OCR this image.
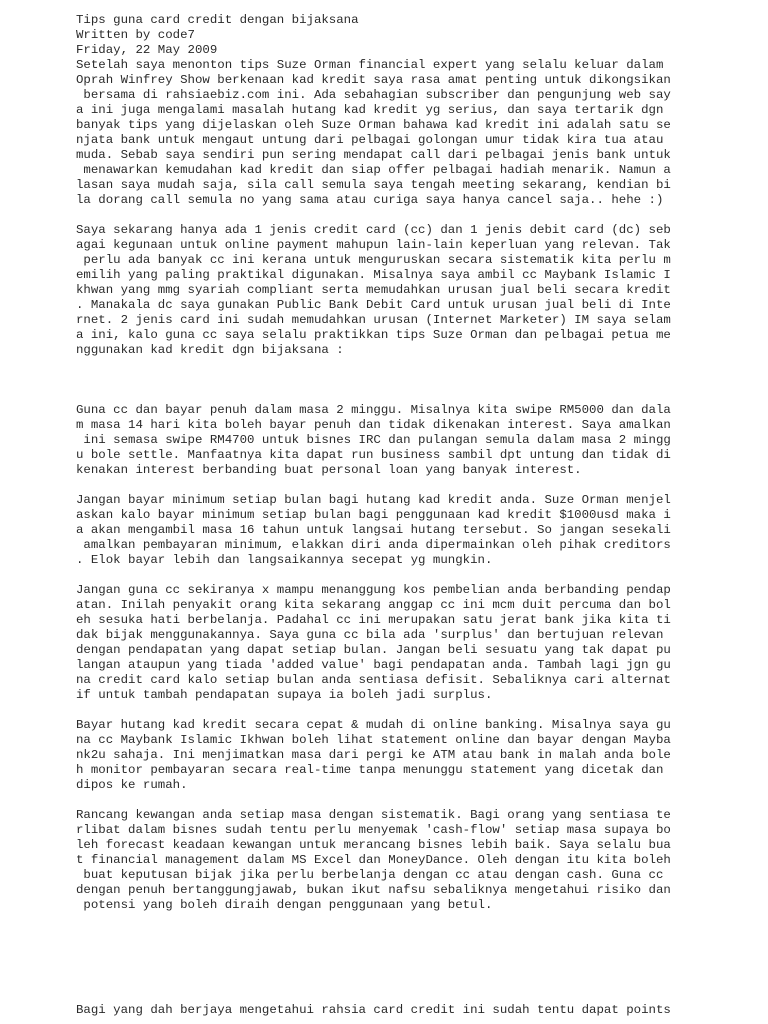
Tips guna card credit dengan bijaksana
Written by code7
Friday, 22 May 2009
Setelah saya menonton tips Suze Orman financial expert yang selalu keluar dalam
Oprah Winfrey Show berkenaan kad kredit saya rasa amat penting untuk dikongsikan
bersama di rahsiaebiz.com ini. Ada sebahagian subscriber dan pengunjung web say
a ini juga mengalami masalah hutang kad kredit yg serius, dan saya tertarik dgn
banyak tips yang dijelaskan oleh Suze Orman bahawa kad kredit ini adalah satu se
njata bank untuk mengaut untung dari pelbagai golongan umur tidak kira tua atau
muda. Sebab saya sendiri pun sering mendapat call dari pelbagai jenis bank untuk
menawarkan kemudahan kad kredit dan siap offer pelbagai hadiah menarik. Namun a
lasan saya mudah saja, sila call semula saya tengah meeting sekarang, kendian bi
la dorang call semula no yang sama atau curiga saya hanya cancel saja.. hehe :)
Saya sekarang hanya ada 1 jenis credit card (cc) dan 1 jenis debit card (dc) seb
agai kegunaan untuk online payment mahupun lain-lain keperluan yang relevan. Tak
perlu ada banyak cc ini kerana untuk menguruskan secara sistematik kita perlu m
emilih yang paling praktikal digunakan. Misalnya saya ambil cc Maybank Islamic I
khwan yang mmg syariah compliant serta memudahkan urusan jual beli secara kredit
. Manakala dc saya gunakan Public Bank Debit Card untuk urusan jual beli di Inte
rnet. 2 jenis card ini sudah memudahkan urusan (Internet Marketer) IM saya selam
a ini, kalo guna cc saya selalu praktikkan tips Suze Orman dan pelbagai petua me
nggunakan kad kredit dgn bijaksana :
Guna cc dan bayar penuh dalam masa 2 minggu. Misalnya kita swipe RM5000 dan dala
m masa 14 hari kita boleh bayar penuh dan tidak dikenakan interest. Saya amalkan
ini semasa swipe RM4700 untuk bisnes IRC dan pulangan semula dalam masa 2 mingg
u bole settle. Manfaatnya kita dapat run business sambil dpt untung dan tidak di
kenakan interest berbanding buat personal loan yang banyak interest.
Jangan bayar minimum setiap bulan bagi hutang kad kredit anda. Suze Orman menjel
askan kalo bayar minimum setiap bulan bagi penggunaan kad kredit $1000usd maka i
a akan mengambil masa 16 tahun untuk langsai hutang tersebut. So jangan sesekali
amalkan pembayaran minimum, elakkan diri anda dipermainkan oleh pihak creditors
. Elok bayar lebih dan langsaikannya secepat yg mungkin.
Jangan guna cc sekiranya x mampu menanggung kos pembelian anda berbanding pendap
atan. Inilah penyakit orang kita sekarang anggap cc ini mcm duit percuma dan bol
eh sesuka hati berbelanja. Padahal cc ini merupakan satu jerat bank jika kita ti
dak bijak menggunakannya. Saya guna cc bila ada 'surplus' dan bertujuan relevan
dengan pendapatan yang dapat setiap bulan. Jangan beli sesuatu yang tak dapat pu
langan ataupun yang tiada 'added value' bagi pendapatan anda. Tambah lagi jgn gu
na credit card kalo setiap bulan anda sentiasa defisit. Sebaliknya cari alternat
if untuk tambah pendapatan supaya ia boleh jadi surplus.
Bayar hutang kad kredit secara cepat & mudah di online banking. Misalnya saya gu
na cc Maybank Islamic Ikhwan boleh lihat statement online dan bayar dengan Mayba
nk2u sahaja. Ini menjimatkan masa dari pergi ke ATM atau bank in malah anda bole
h monitor pembayaran secara real-time tanpa menunggu statement yang dicetak dan
dipos ke rumah.
Rancang kewangan anda setiap masa dengan sistematik. Bagi orang yang sentiasa te
rlibat dalam bisnes sudah tentu perlu menyemak 'cash-flow' setiap masa supaya bo
leh forecast keadaan kewangan untuk merancang bisnes lebih baik. Saya selalu bua
t financial management dalam MS Excel dan MoneyDance. Oleh dengan itu kita boleh
buat keputusan bijak jika perlu berbelanja dengan cc atau dengan cash. Guna cc
dengan penuh bertanggungjawab, bukan ikut nafsu sebaliknya mengetahui risiko dan
potensi yang boleh diraih dengan penggunaan yang betul.
Bagi yang dah berjaya mengetahui rahsia card credit ini sudah tentu dapat points
